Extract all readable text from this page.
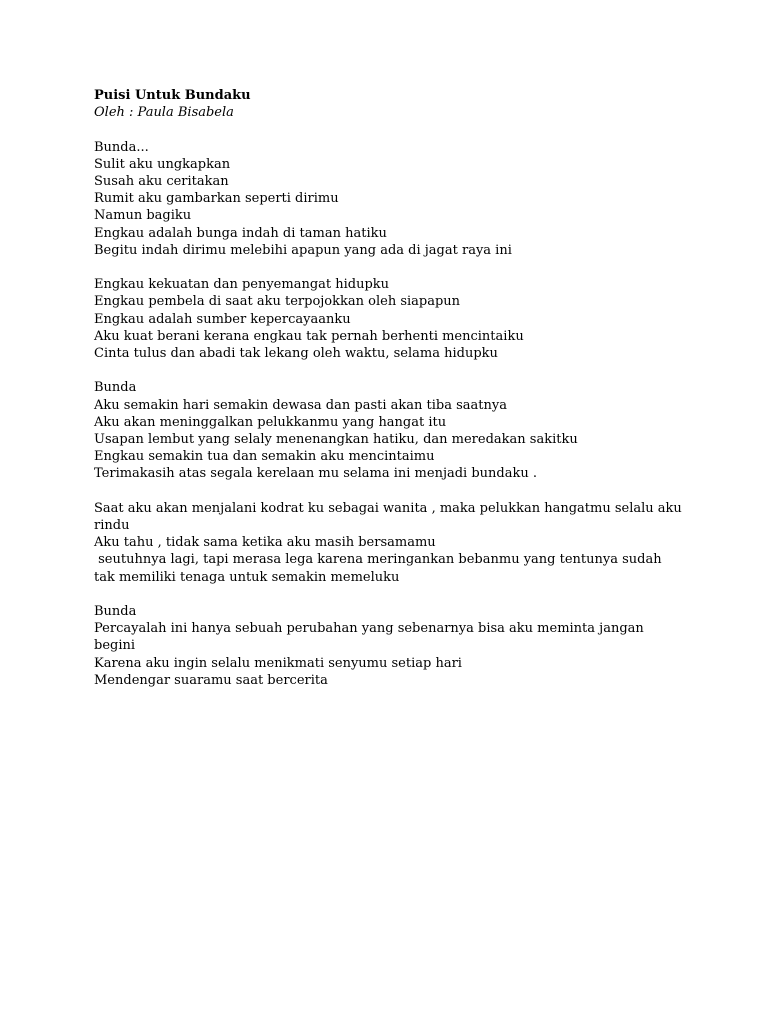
Puisi Untuk Bundaku

Oleh : Paula Bisabela

Bunda...
Sulit aku ungkapkan
Susah aku ceritakan
Rumit aku gambarkan seperti dirimu
Namun bagiku
Engkau adalah bunga indah di taman hatiku
Begitu indah dirimu melebihi apapun yang ada di jagat raya ini
Engkau kekuatan dan penyemangat hidupku
Engkau pembela di saat aku terpojokkan oleh siapapun
Engkau adalah sumber kepercayaanku
Aku kuat berani kerana engkau tak pernah berhenti mencintaiku
Cinta tulus dan abadi tak lekang oleh waktu, selama hidupku
Bunda
Aku semakin hari semakin dewasa dan pasti akan tiba saatnya
Aku akan meninggalkan pelukkanmu yang hangat itu
Usapan lembut yang selaly menenangkan hatiku, dan meredakan sakitku
Engkau semakin tua dan semakin aku mencintaimu
Terimakasih atas segala kerelaan mu selama ini menjadi bundaku .
Saat aku akan menjalani kodrat ku sebagai wanita , maka pelukkan hangatmu selalu aku rindu
Aku tahu , tidak sama ketika aku masih bersamamu
seutuhnya lagi, tapi merasa lega karena meringankan bebanmu yang tentunya sudah tak memiliki tenaga untuk semakin memeluku
Bunda
Percayalah ini hanya sebuah perubahan yang sebenarnya bisa aku meminta jangan begini
Karena aku ingin selalu menikmati senyumu setiap hari
Mendengar suaramu saat bercerita
